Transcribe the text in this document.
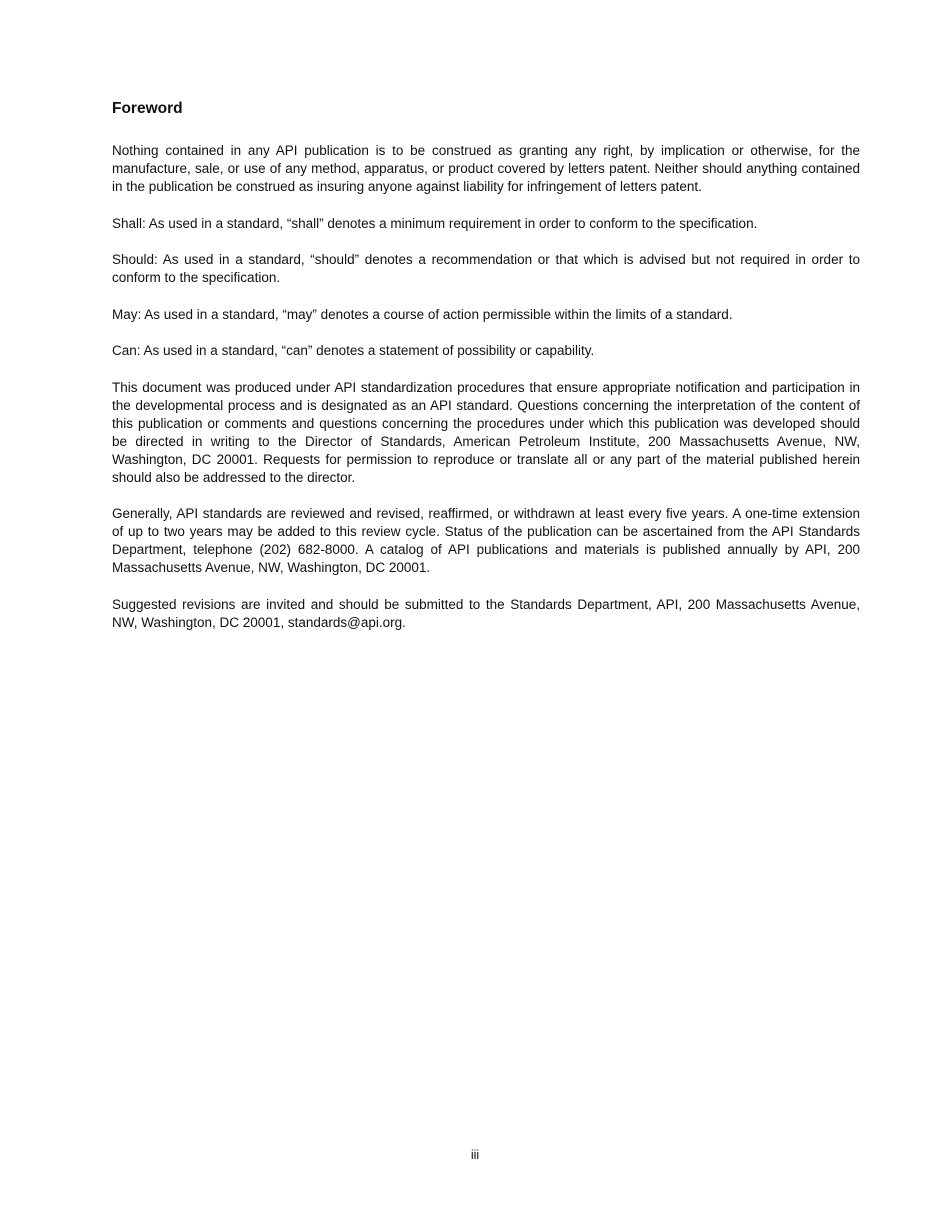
Foreword

Nothing contained in any API publication is to be construed as granting any right, by implication or otherwise, for the manufacture, sale, or use of any method, apparatus, or product covered by letters patent. Neither should anything contained in the publication be construed as insuring anyone against liability for infringement of letters patent.

Shall: As used in a standard, “shall” denotes a minimum requirement in order to conform to the specification.

Should: As used in a standard, “should” denotes a recommendation or that which is advised but not required in order to conform to the specification.

May: As used in a standard, “may” denotes a course of action permissible within the limits of a standard.

Can: As used in a standard, “can” denotes a statement of possibility or capability.

This document was produced under API standardization procedures that ensure appropriate notification and participation in the developmental process and is designated as an API standard. Questions concerning the interpretation of the content of this publication or comments and questions concerning the procedures under which this publication was developed should be directed in writing to the Director of Standards, American Petroleum Institute, 200 Massachusetts Avenue, NW, Washington, DC 20001. Requests for permission to reproduce or translate all or any part of the material published herein should also be addressed to the director.

Generally, API standards are reviewed and revised, reaffirmed, or withdrawn at least every five years. A one-time extension of up to two years may be added to this review cycle. Status of the publication can be ascertained from the API Standards Department, telephone (202) 682-8000. A catalog of API publications and materials is published annually by API, 200 Massachusetts Avenue, NW, Washington, DC 20001.

Suggested revisions are invited and should be submitted to the Standards Department, API, 200 Massachusetts Avenue, NW, Washington, DC 20001, standards@api.org.

iii
